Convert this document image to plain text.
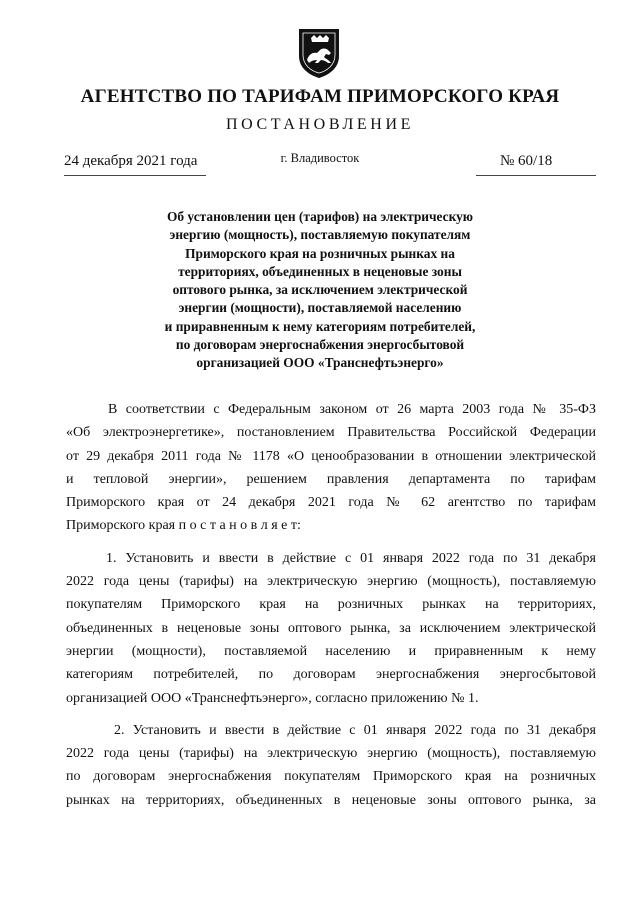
АГЕНТСТВО ПО ТАРИФАМ ПРИМОРСКОГО КРАЯ
ПОСТАНОВЛЕНИЕ
24 декабря 2021 года	г. Владивосток	№ 60/18
Об установлении цен (тарифов) на электрическую
энергию (мощность), поставляемую покупателям
Приморского края на розничных рынках на
территориях, объединенных в неценовые зоны
оптового рынка, за исключением электрической
энергии (мощности), поставляемой населению
и приравненным к нему категориям потребителей,
по договорам энергоснабжения энергосбытовой
организацией ООО «Транснефтьэнерго»

В соответствии с Федеральным законом от 26 марта 2003 года № 35-ФЗ
«Об электроэнергетике», постановлением Правительства Российской Федерации
от 29 декабря 2011 года № 1178 «О ценообразовании в отношении электрической
и тепловой энергии», решением правления департамента по тарифам
Приморского края от 24 декабря 2021 года № 62 агентство по тарифам
Приморского края п о с т а н о в л я е т:

1. Установить и ввести в действие с 01 января 2022 года по 31 декабря
2022 года цены (тарифы) на электрическую энергию (мощность), поставляемую
покупателям Приморского края на розничных рынках на территориях,
объединенных в неценовые зоны оптового рынка, за исключением электрической
энергии (мощности), поставляемой населению и приравненным к нему
категориям потребителей, по договорам энергоснабжения энергосбытовой
организацией ООО «Транснефтьэнерго», согласно приложению № 1.

2. Установить и ввести в действие с 01 января 2022 года по 31 декабря
2022 года цены (тарифы) на электрическую энергию (мощность), поставляемую
по договорам энергоснабжения покупателям Приморского края на розничных
рынках на территориях, объединенных в неценовые зоны оптового рынка, за
